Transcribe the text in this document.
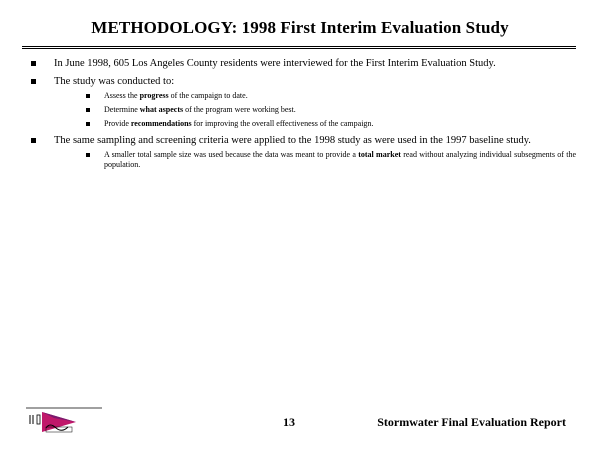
METHODOLOGY: 1998 First Interim Evaluation Study
In June 1998, 605 Los Angeles County residents were interviewed for the First Interim Evaluation Study.
The study was conducted to:
Assess the progress of the campaign to date.
Determine what aspects of the program were working best.
Provide recommendations for improving the overall effectiveness of the campaign.
The same sampling and screening criteria were applied to the 1998 study as were used in the 1997 baseline study.
A smaller total sample size was used because the data was meant to provide a total market read without analyzing individual subsegments of the population.
13	Stormwater Final Evaluation Report
